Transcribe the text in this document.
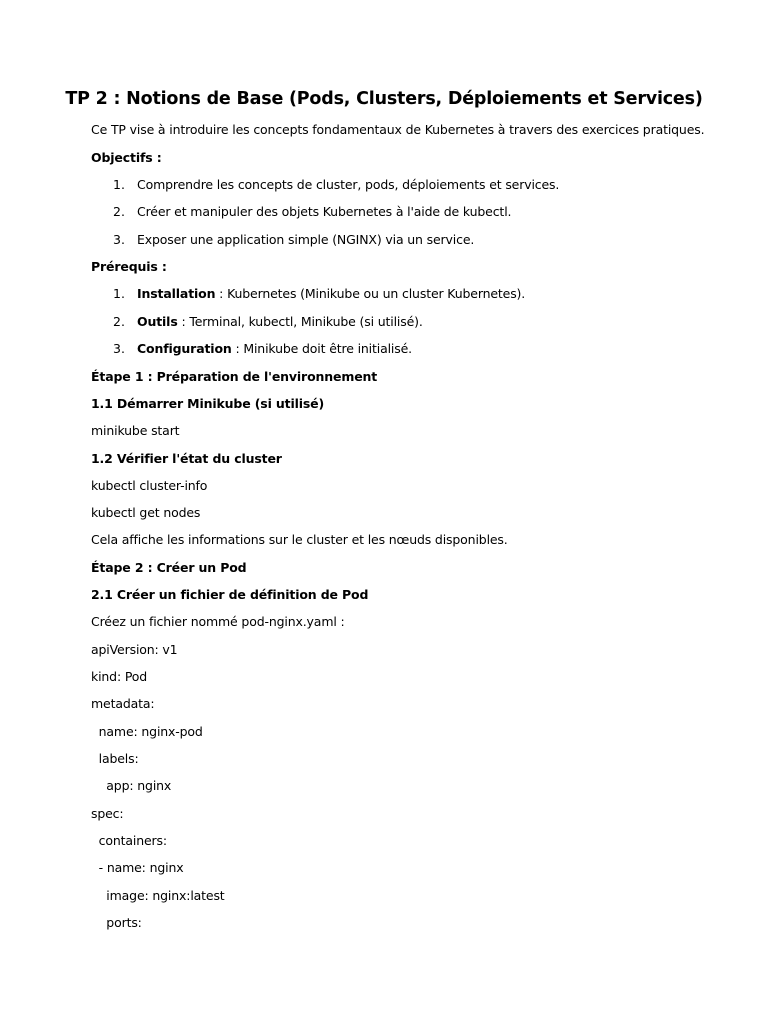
TP 2 : Notions de Base (Pods, Clusters, Déploiements et Services)
Ce TP vise à introduire les concepts fondamentaux de Kubernetes à travers des exercices pratiques.
Objectifs :
1. Comprendre les concepts de cluster, pods, déploiements et services.
2. Créer et manipuler des objets Kubernetes à l'aide de kubectl.
3. Exposer une application simple (NGINX) via un service.
Prérequis :
1. Installation : Kubernetes (Minikube ou un cluster Kubernetes).
2. Outils : Terminal, kubectl, Minikube (si utilisé).
3. Configuration : Minikube doit être initialisé.
Étape 1 : Préparation de l'environnement
1.1 Démarrer Minikube (si utilisé)
minikube start
1.2 Vérifier l'état du cluster
kubectl cluster-info
kubectl get nodes
Cela affiche les informations sur le cluster et les nœuds disponibles.
Étape 2 : Créer un Pod
2.1 Créer un fichier de définition de Pod
Créez un fichier nommé pod-nginx.yaml :
apiVersion: v1
kind: Pod
metadata:
name: nginx-pod
labels:
app: nginx
spec:
containers:
- name: nginx
image: nginx:latest
ports:
